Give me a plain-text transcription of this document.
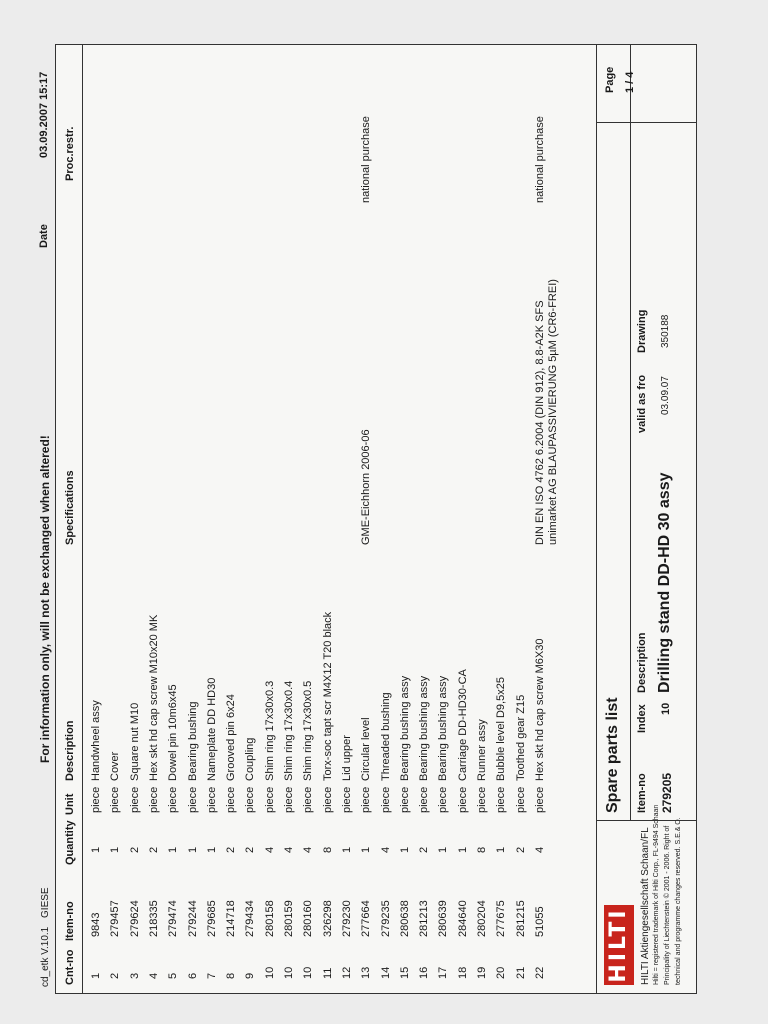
cd_etk V.10.1 GIESE
For information only, will not be exchanged when altered!
Date
03.09.2007 15:17
Cnt-no
Item-no
Quantity
Unit
Description
Specifications
Proc.restr.
1
9843
1
piece
Handwheel assy
2
279457
1
piece
Cover
3
279624
2
piece
Square nut M10
4
218335
2
piece
Hex skt hd cap screw M10x20 MK
5
279474
1
piece
Dowel pin 10m6x45
6
279244
1
piece
Bearing bushing
7
279685
1
piece
Nameplate DD HD30
8
214718
2
piece
Grooved pin 6x24
9
279434
2
piece
Coupling
10
280158
4
piece
Shim ring 17x30x0.3
10
280159
4
piece
Shim ring 17x30x0.4
10
280160
4
piece
Shim ring 17x30x0.5
11
326298
8
piece
Torx-soc tapt scr M4X12 T20 black
12
279230
1
piece
Lid upper
13
277664
1
piece
Circular level
GME-Eichhorn 2006-06
national purchase
14
279235
4
piece
Threaded bushing
15
280638
1
piece
Bearing bushing assy
16
281213
2
piece
Bearing bushing assy
17
280639
1
piece
Bearing bushing assy
18
284640
1
piece
Carriage DD-HD30-CA
19
280204
8
piece
Runner assy
20
277675
1
piece
Bubble level D9,5x25
21
281215
2
piece
Toothed gear Z15
22
51055
4
piece
Hex skt hd cap screw M6X30
DIN EN ISO 4762 6.2004 (DIN 912), 8.8-A2K SFS
national purchase
unimarket AG BLAUPASSIVIERUNG 5µM (CR6-FREI)
HILTI HILTI Aktiengesellschaft Schaan/FL Hilti = registered trademark of Hilti Corp., FL-9494 Schaan Principality of Liechtenstein © 2001 - 2006. Right of technical and programme changes reserved. S.E.& O.
Spare parts list Item-no 279205
Index 10
Description Drilling stand DD-HD 30 assy
valid as fro 03.09.07
Drawing 350188
Page 1 / 4
